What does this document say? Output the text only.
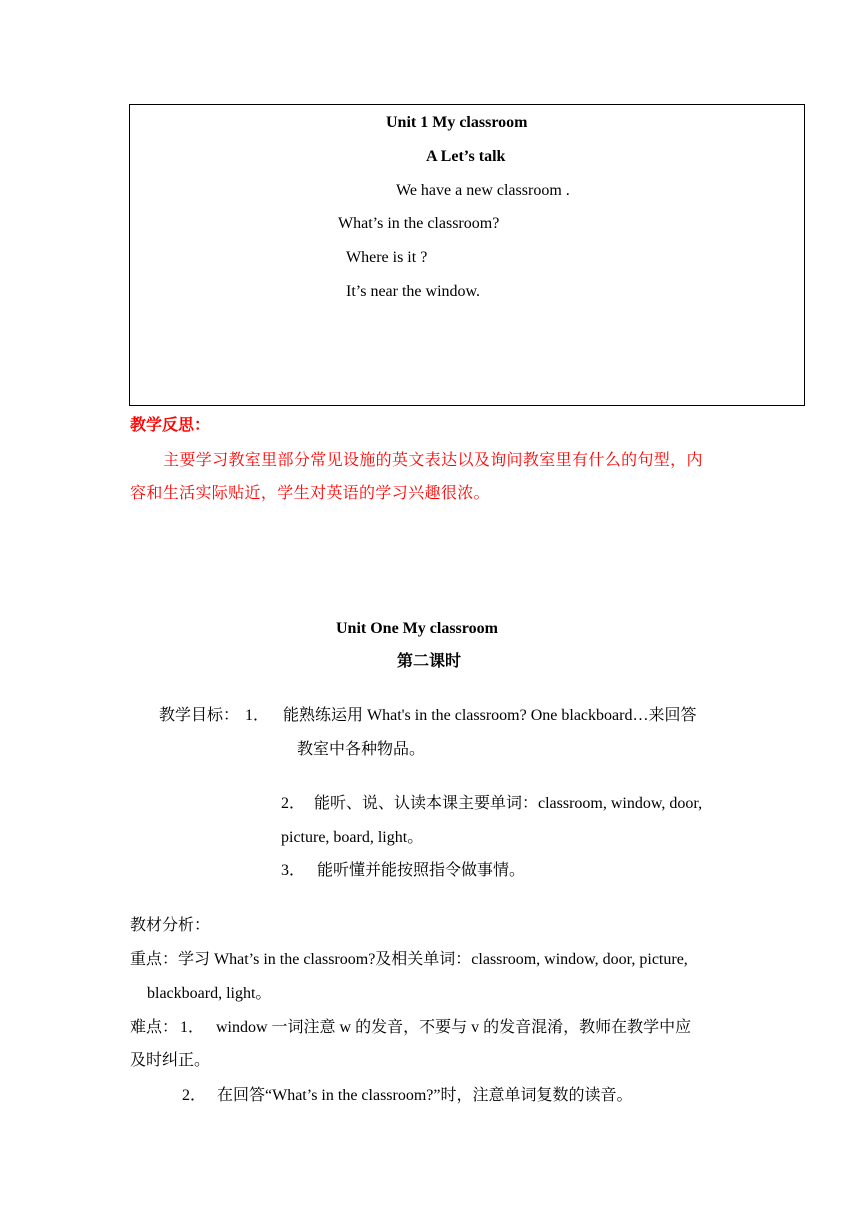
Unit 1 My classroom
A Let’s talk
We have a new classroom .
What’s in the classroom?
Where is it ?
It’s near the window.
教学反思：
主要学习教室里部分常见设施的英文表达以及询问教室里有什么的句型，内
容和生活实际贴近，学生对英语的学习兴趣很浓。
Unit One My classroom
第二课时
教学目标： 1． 能熟练运用 What's in the classroom? One blackboard…来回答
教室中各种物品。
2． 能听、说、认读本课主要单词：classroom, window, door,
picture, board, light。
3． 能听懂并能按照指令做事情。
教材分析：
重点：学习 What’s in the classroom?及相关单词：classroom, window, door, picture,
blackboard, light。
难点： 1． window 一词注意 w 的发音，不要与 v 的发音混淆，教师在教学中应
及时纠正。
2． 在回答“What’s in the classroom?”时，注意单词复数的读音。
